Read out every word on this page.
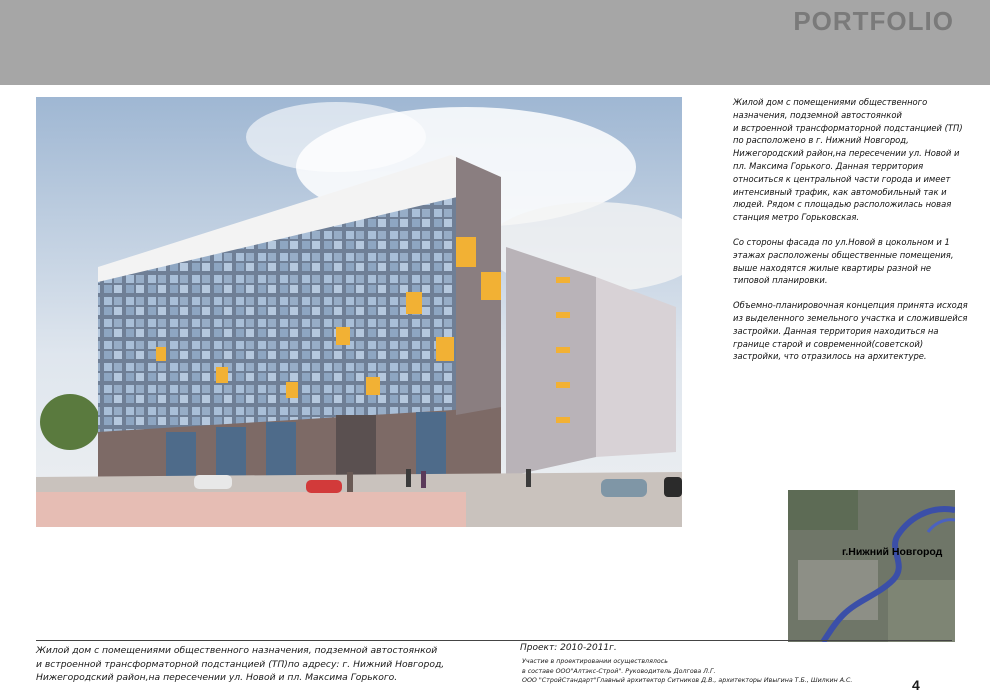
PORTFOLIO

Жилой дом с помещениями общественного
назначения, подземной автостоянкой
и встроенной трансформаторной подстанцией (ТП)
по расположено в г. Нижний Новгород,
Нижегородский район,на пересечении ул. Новой и
пл. Максима Горького. Данная территория
относиться к центральной части города и имеет
интенсивный трафик, как автомобильный так и
людей. Рядом с площадью расположилась новая
станция метро Горьковская.

Со стороны фасада по ул.Новой в цокольном и 1
этажах расположены общественные помещения,
выше находятся жилые квартиры разной не
типовой планировки.

Объемно-планировочная концепция принята исходя
из выделенного земельного участка и сложившейся
застройки. Данная территория находиться на
границе старой и современной(советской)
застройки, что отразилось на архитектуре.

г.Нижний Новгород
Жилой дом с помещениями общественного назначения, подземной автостоянкой
и встроенной трансформаторной подстанцией (ТП)по адресу: г. Нижний Новгород,
Нижегородский район,на пересечении ул. Новой и пл. Максима Горького.
Проект: 2010-2011г.
Участие в проектировании осуществлялось
в составе ООО"Алтэкс-Строй". Руководитель Долгова Л.Г.
ООО "СтройСтандарт"Главный архитектор Ситников Д.В., архитекторы Ивыгина Т.Б., Шилкин А.С.	4
